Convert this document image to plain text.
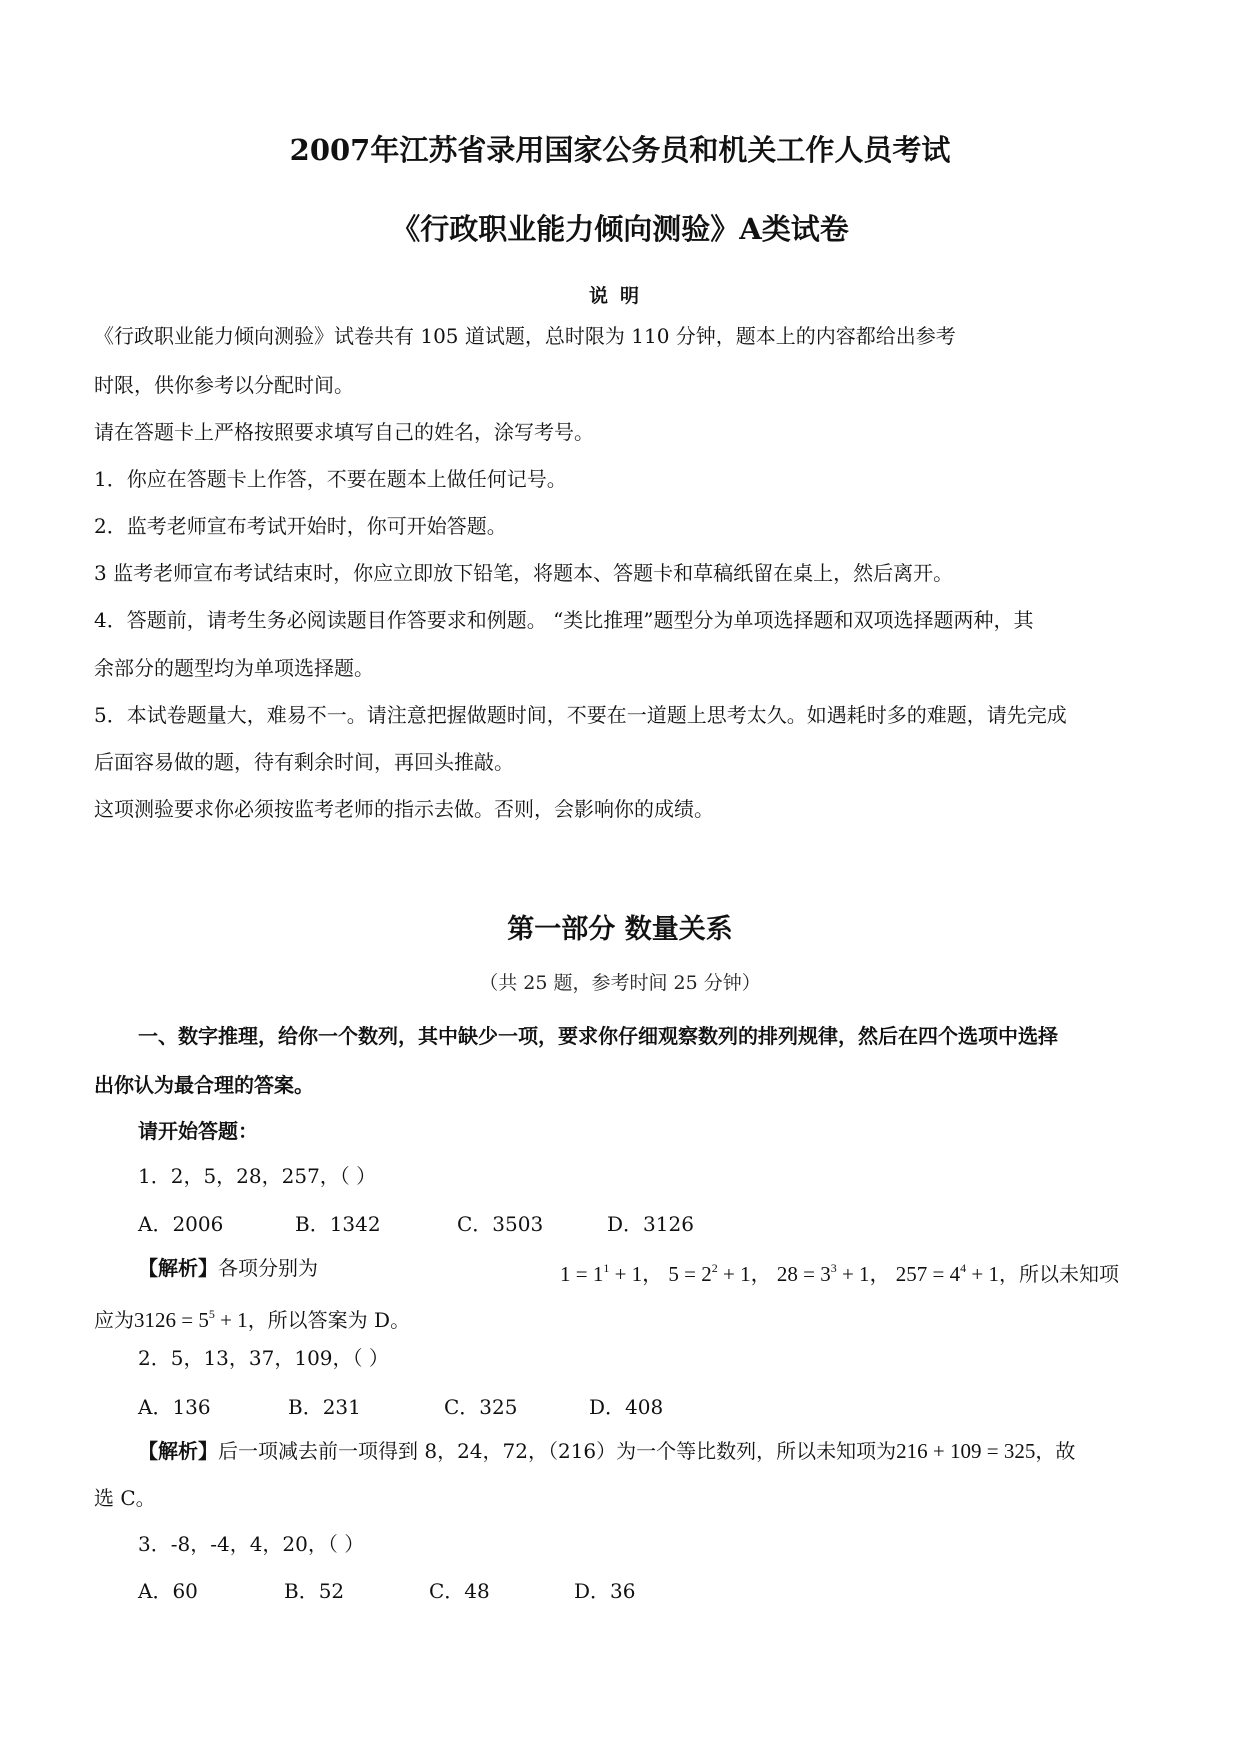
2007年江苏省录用国家公务员和机关工作人员考试
《行政职业能力倾向测验》A类试卷
说明
《行政职业能力倾向测验》试卷共有 105 道试题，总时限为 110 分钟，题本上的内容都给出参考
时限，供你参考以分配时间。
请在答题卡上严格按照要求填写自己的姓名，涂写考号。
1．你应在答题卡上作答，不要在题本上做任何记号。
2．监考老师宣布考试开始时，你可开始答题。
3 监考老师宣布考试结束时，你应立即放下铅笔，将题本、答题卡和草稿纸留在桌上，然后离开。
4．答题前，请考生务必阅读题目作答要求和例题。 “类比推理”题型分为单项选择题和双项选择题两种，其
余部分的题型均为单项选择题。
5．本试卷题量大，难易不一。请注意把握做题时间，不要在一道题上思考太久。如遇耗时多的难题，请先完成
后面容易做的题，待有剩余时间，再回头推敲。
这项测验要求你必须按监考老师的指示去做。否则，会影响你的成绩。
第一部分 数量关系
（共 25 题，参考时间 25 分钟）
一、数字推理，给你一个数列，其中缺少一项，要求你仔细观察数列的排列规律，然后在四个选项中选择
出你认为最合理的答案。
请开始答题：
1．2，5，28，257，（ ）
A．2006	B．1342	C．3503	D．3126
【解析】各项分别为	$1 = 1^1 + 1$， $5 = 2^2 + 1$， $28 = 3^3 + 1$， $257 = 4^4 + 1$，所以未知项
应为$3126 = 5^5 + 1$，所以答案为 D。
2．5，13，37，109，（ ）
A．136	B．231	C．325	D．408
【解析】后一项减去前一项得到 8，24，72，（216）为一个等比数列，所以未知项为216 + 109 = 325，故
选 C。
3．-8，-4，4，20，（ ）
A．60	B．52	C．48	D．36
